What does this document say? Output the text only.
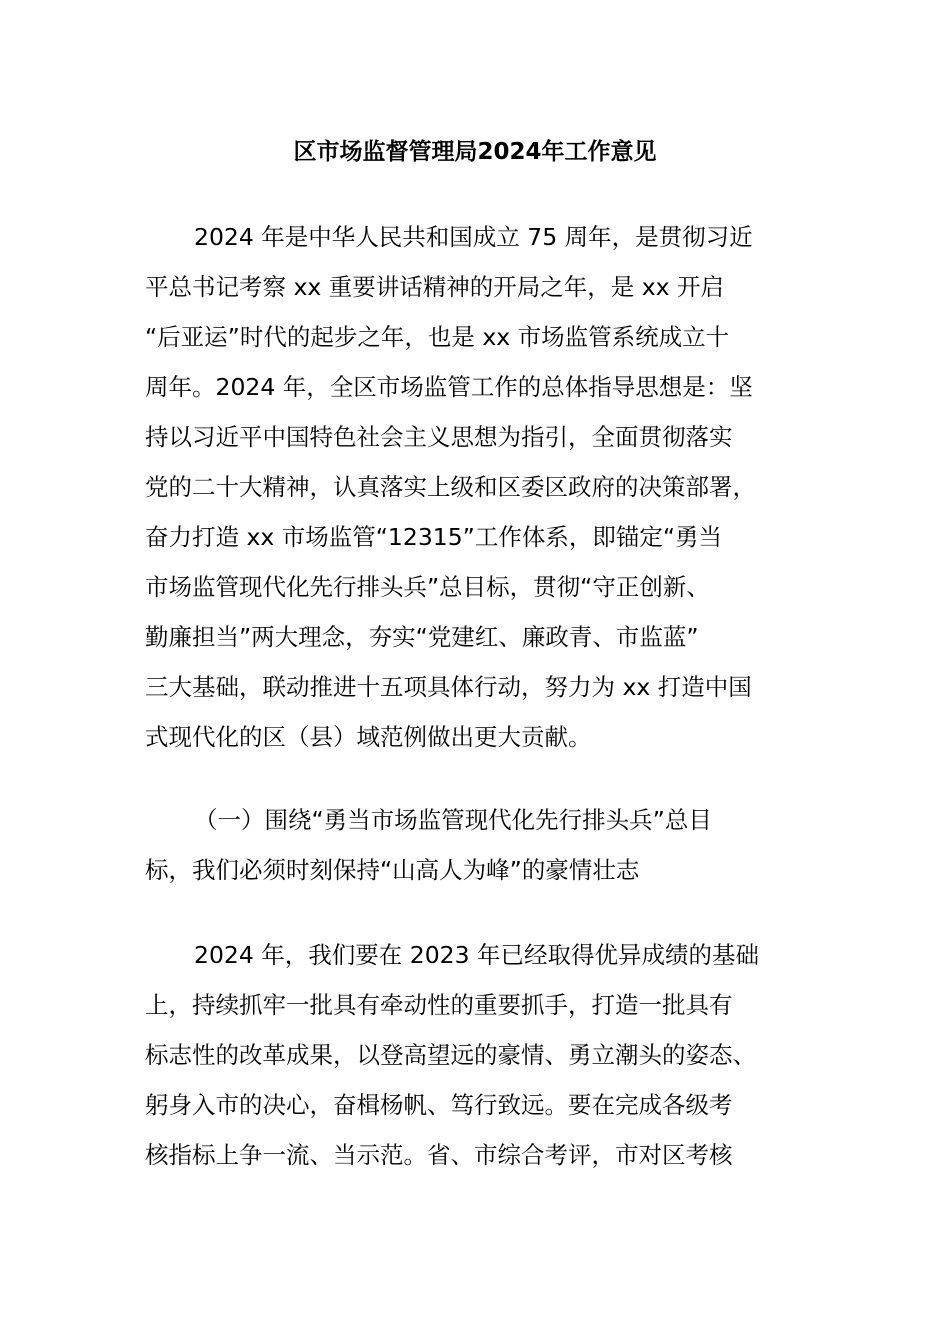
区市场监督管理局2024年工作意见
2024 年是中华人民共和国成立 75 周年，是贯彻习近
平总书记考察 xx 重要讲话精神的开局之年，是 xx 开启
“后亚运”时代的起步之年，也是 xx 市场监管系统成立十
周年。2024 年，全区市场监管工作的总体指导思想是：坚
持以习近平中国特色社会主义思想为指引，全面贯彻落实
党的二十大精神，认真落实上级和区委区政府的决策部署，
奋力打造 xx 市场监管“12315”工作体系，即锚定“勇当
市场监管现代化先行排头兵”总目标，贯彻“守正创新、
勤廉担当”两大理念，夯实“党建红、廉政青、市监蓝”
三大基础，联动推进十五项具体行动，努力为 xx 打造中国
式现代化的区（县）域范例做出更大贡献。
（一）围绕“勇当市场监管现代化先行排头兵”总目
标，我们必须时刻保持“山高人为峰”的豪情壮志
2024 年，我们要在 2023 年已经取得优异成绩的基础
上，持续抓牢一批具有牵动性的重要抓手，打造一批具有
标志性的改革成果，以登高望远的豪情、勇立潮头的姿态、
躬身入市的决心，奋楫杨帆、笃行致远。要在完成各级考
核指标上争一流、当示范。省、市综合考评，市对区考核
